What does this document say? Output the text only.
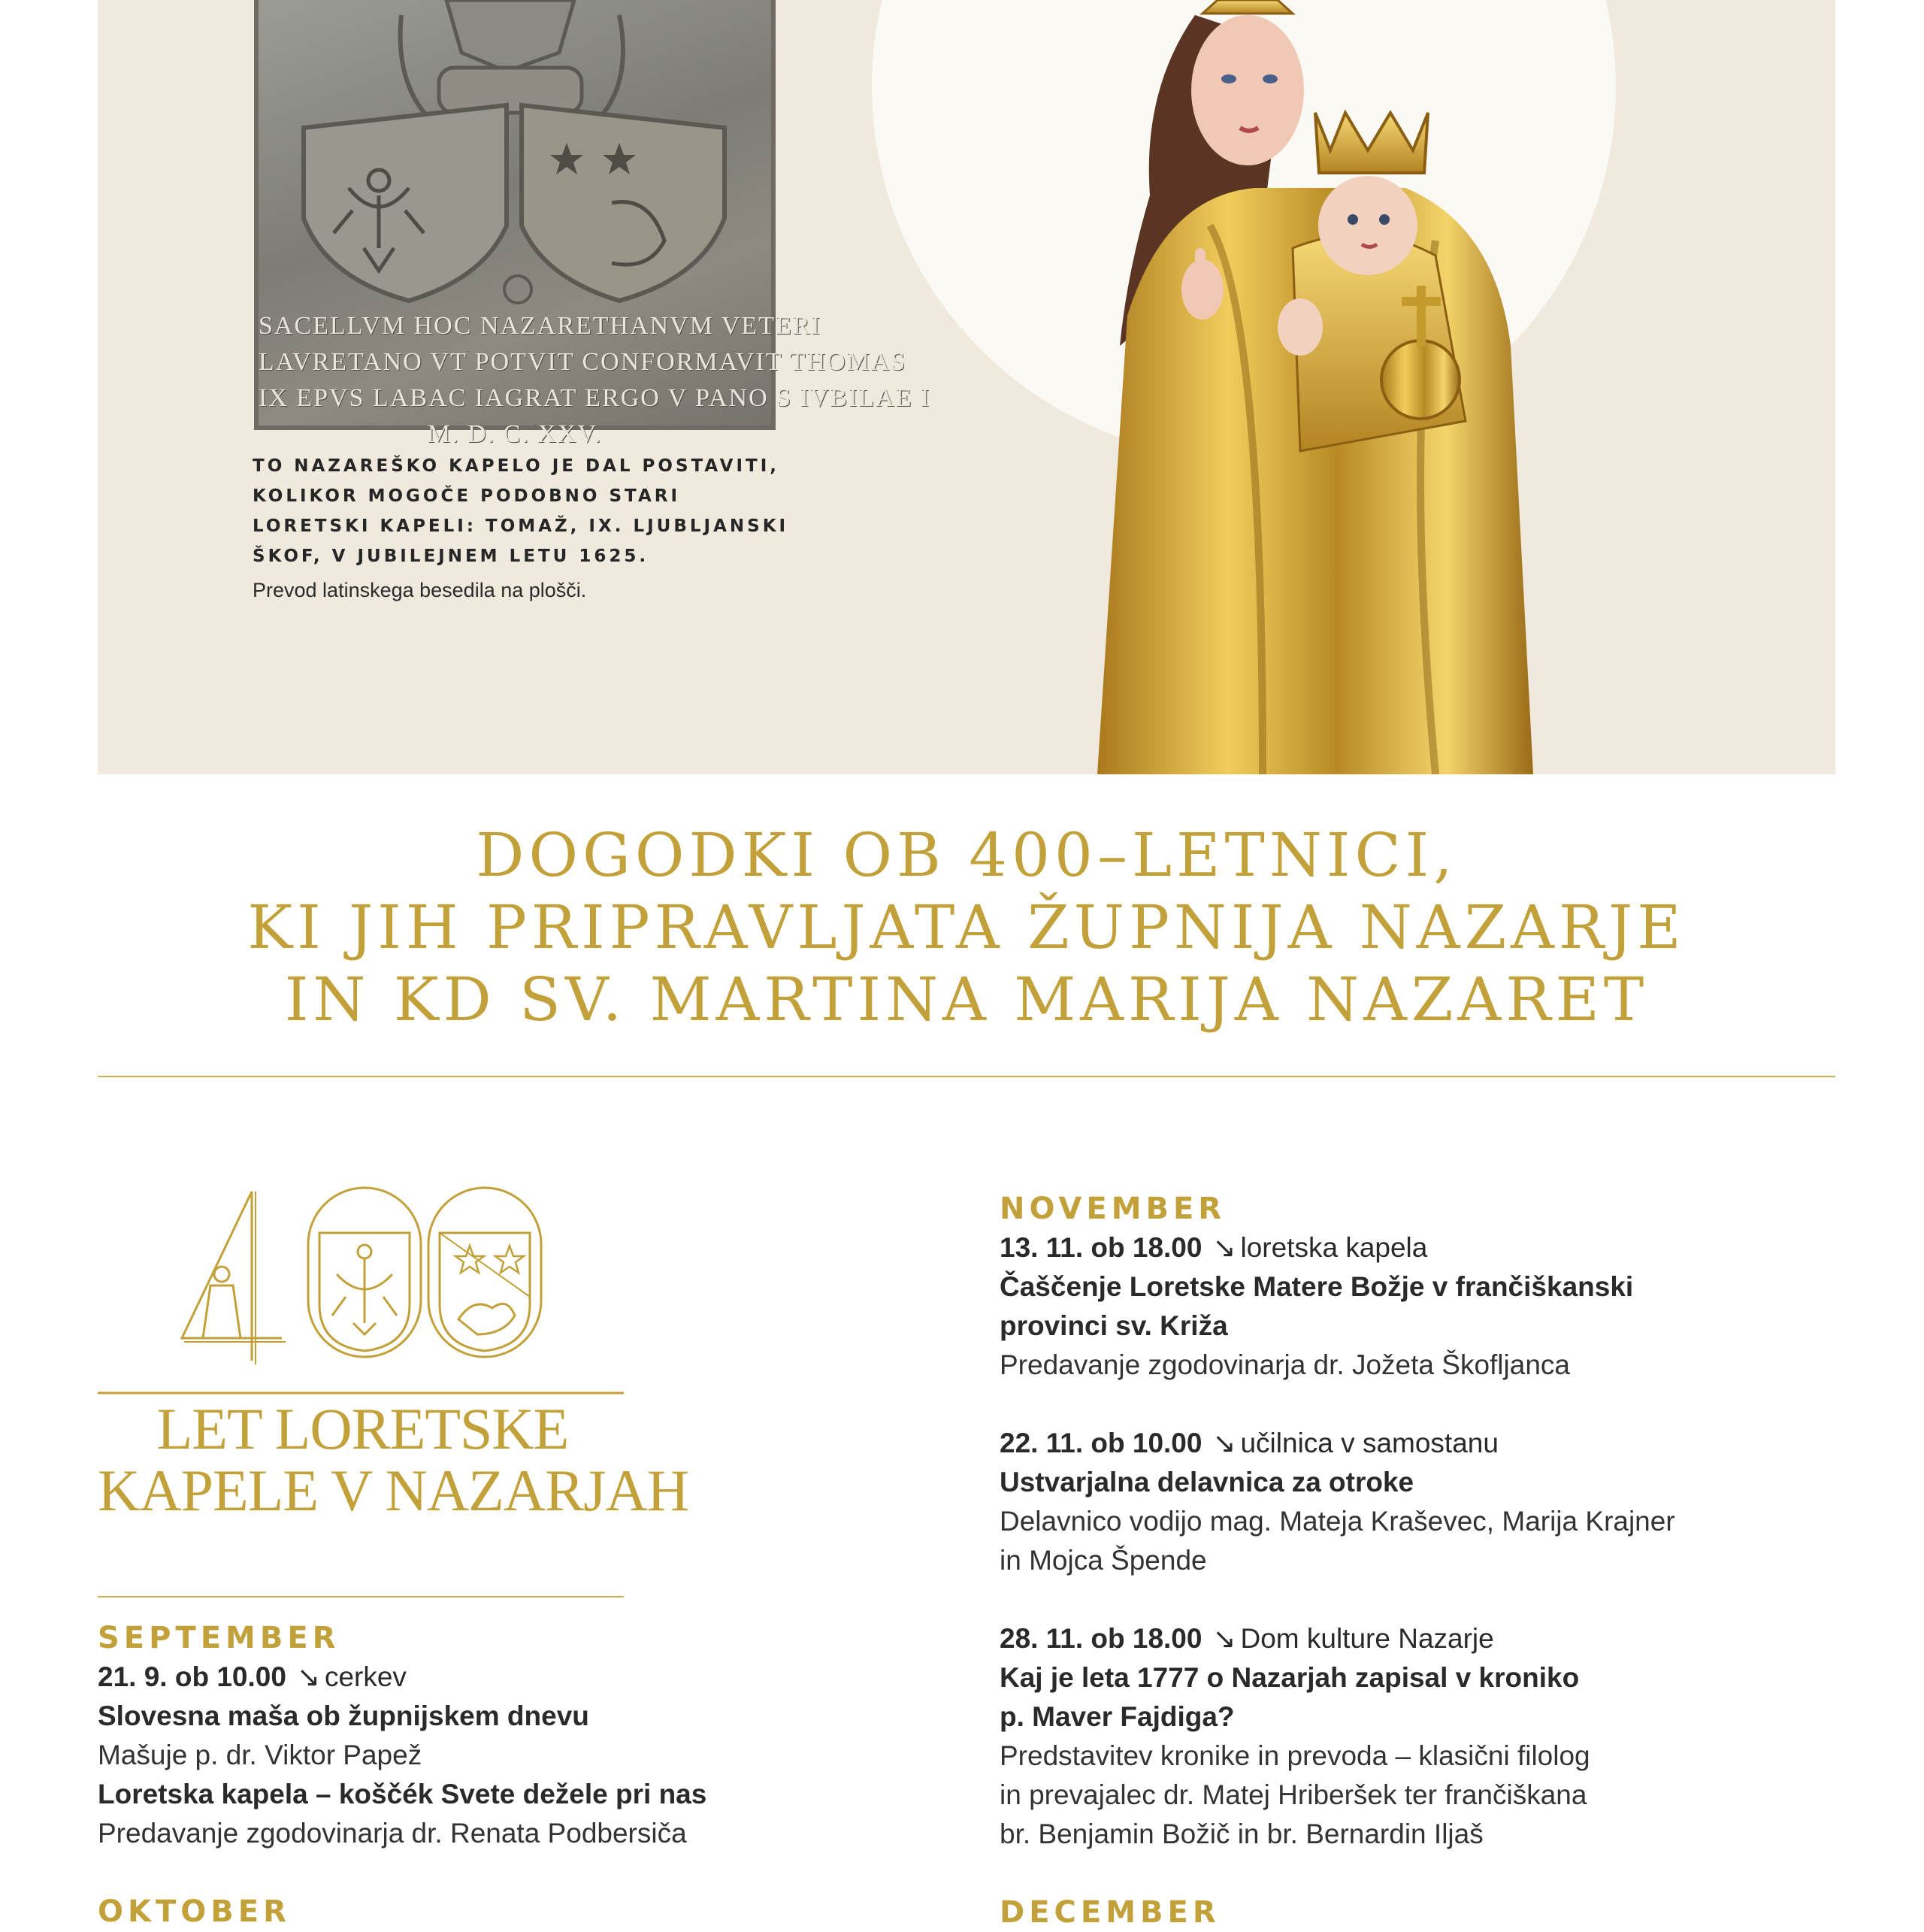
SACELLVM HOC NAZARETHANVM VETERI
LAVRETANO VT POTVIT CONFORMAVIT THOMAS
IX EPVS LABAC IAGRAT ERGO V PANO S IVBILAE I
M. D. C. XXV.
TO NAZAREŠKO KAPELO JE DAL POSTAVITI,
KOLIKOR MOGOČE PODOBNO STARI
LORETSKI KAPELI: TOMAŽ, IX. LJUBLJANSKI
ŠKOF, V JUBILEJNEM LETU 1625.
Prevod latinskega besedila na plošči.
DOGODKI OB 400–LETNICI,
KI JIH PRIPRAVLJATA ŽUPNIJA NAZARJE
IN KD SV. MARTINA MARIJA NAZARET
LET LORETSKE
KAPELE V NAZARJAH
SEPTEMBER
21. 9. ob 10.00 ↘ cerkev
Slovesna maša ob župnijskem dnevu
Mašuje p. dr. Viktor Papež
Loretska kapela – koščék Svete dežele pri nas
Predavanje zgodovinarja dr. Renata Podbersiča
OKTOBER
NOVEMBER
13. 11. ob 18.00 ↘ loretska kapela
Čaščenje Loretske Matere Božje v frančiškanski
provinci sv. Križa
Predavanje zgodovinarja dr. Jožeta Škofljanca
22. 11. ob 10.00 ↘ učilnica v samostanu
Ustvarjalna delavnica za otroke
Delavnico vodijo mag. Mateja Kraševec, Marija Krajner
in Mojca Špende
28. 11. ob 18.00 ↘ Dom kulture Nazarje
Kaj je leta 1777 o Nazarjah zapisal v kroniko
p. Maver Fajdiga?
Predstavitev kronike in prevoda – klasični filolog
in prevajalec dr. Matej Hriberšek ter frančiškana
br. Benjamin Božič in br. Bernardin Iljaš
DECEMBER
